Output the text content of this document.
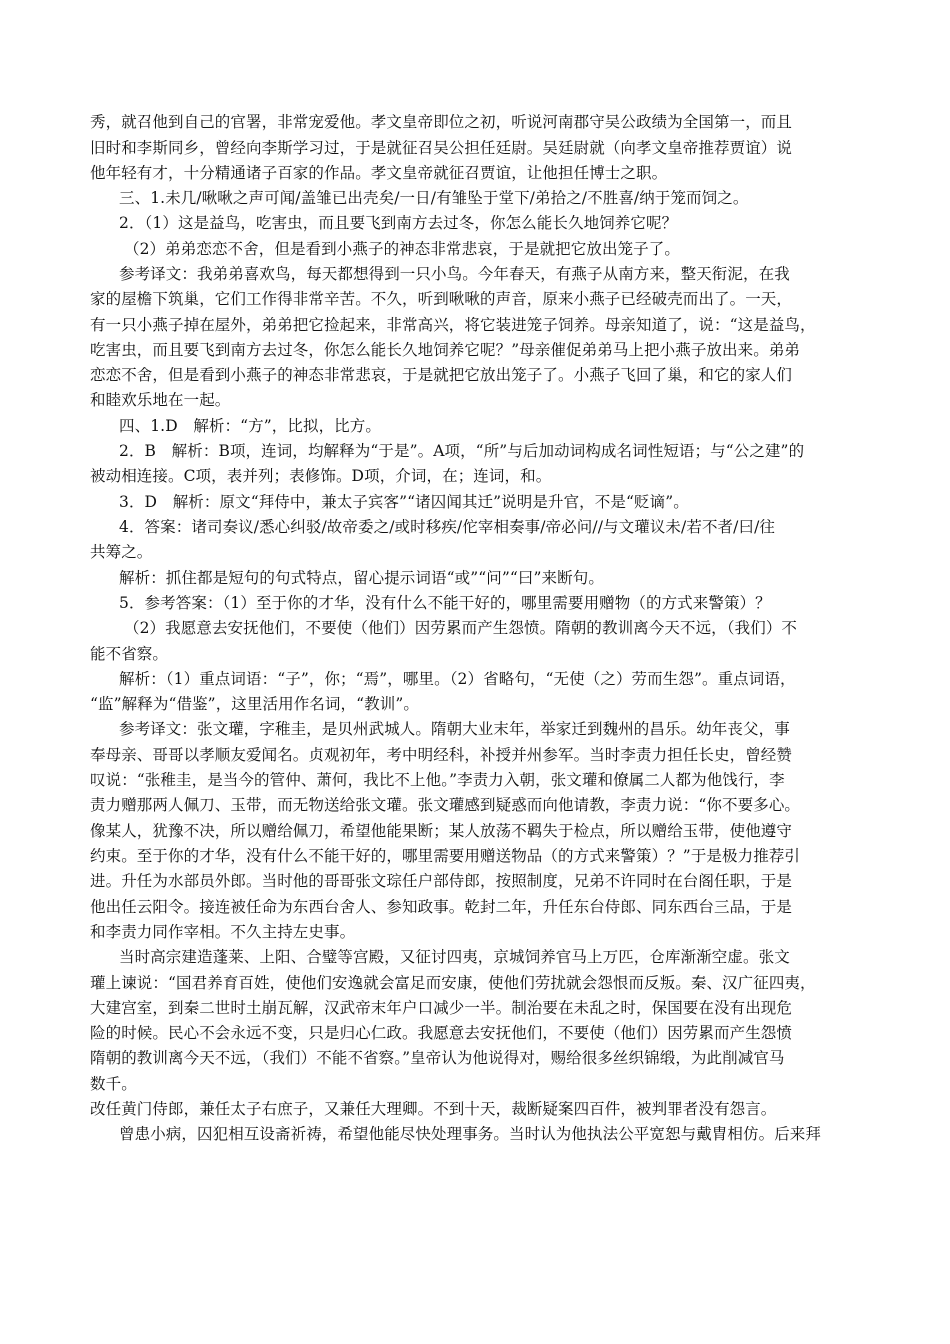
秀，就召他到自己的官署，非常宠爱他。孝文皇帝即位之初，听说河南郡守吴公政绩为全国第一，而且
旧时和李斯同乡，曾经向李斯学习过，于是就征召吴公担任廷尉。吴廷尉就（向孝文皇帝推荐贾谊）说
他年轻有才，十分精通诸子百家的作品。孝文皇帝就征召贾谊，让他担任博士之职。
三、1.未几/啾啾之声可闻/盖雏已出壳矣/一日/有雏坠于堂下/弟拾之/不胜喜/纳于笼而饲之。
2．（1）这是益鸟，吃害虫，而且要飞到南方去过冬，你怎么能长久地饲养它呢？
（2）弟弟恋恋不舍，但是看到小燕子的神态非常悲哀，于是就把它放出笼子了。
参考译文：我弟弟喜欢鸟，每天都想得到一只小鸟。今年春天，有燕子从南方来，整天衔泥，在我
家的屋檐下筑巢，它们工作得非常辛苦。不久，听到啾啾的声音，原来小燕子已经破壳而出了。一天，
有一只小燕子掉在屋外，弟弟把它捡起来，非常高兴，将它装进笼子饲养。母亲知道了，说：“这是益鸟，
吃害虫，而且要飞到南方去过冬，你怎么能长久地饲养它呢？”母亲催促弟弟马上把小燕子放出来。弟弟
恋恋不舍，但是看到小燕子的神态非常悲哀，于是就把它放出笼子了。小燕子飞回了巢，和它的家人们
和睦欢乐地在一起。
四、1.D　解析：“方”，比拟，比方。
2．B　解析：B项，连词，均解释为“于是”。A项，“所”与后加动词构成名词性短语；与“公之建”的
被动相连接。C项，表并列；表修饰。D项，介词，在；连词，和。
3．D　解析：原文“拜侍中，兼太子宾客”“诸囚闻其迁”说明是升官，不是“贬谪”。
4．答案：诸司奏议/悉心纠驳/故帝委之/或时移疾/佗宰相奏事/帝必问//与文瓘议未/若不者/曰/往
共筹之。
解析：抓住都是短句的句式特点，留心提示词语“或”“问”“曰”来断句。
5．参考答案：（1）至于你的才华，没有什么不能干好的，哪里需要用赠物（的方式来警策）？
（2）我愿意去安抚他们，不要使（他们）因劳累而产生怨愤。隋朝的教训离今天不远，（我们）不
能不省察。
解析：（1）重点词语：“子”，你；“焉”，哪里。（2）省略句，“无使（之）劳而生怨”。重点词语，
“监”解释为“借鉴”，这里活用作名词，“教训”。
参考译文：张文瓘，字稚圭，是贝州武城人。隋朝大业末年，举家迁到魏州的昌乐。幼年丧父，事
奉母亲、哥哥以孝顺友爱闻名。贞观初年，考中明经科，补授并州参军。当时李责力担任长史，曾经赞
叹说：“张稚圭，是当今的管仲、萧何，我比不上他。”李责力入朝，张文瓘和僚属二人都为他饯行，李
责力赠那两人佩刀、玉带，而无物送给张文瓘。张文瓘感到疑惑而向他请教，李责力说：“你不要多心。
像某人，犹豫不决，所以赠给佩刀，希望他能果断；某人放荡不羁失于检点，所以赠给玉带，使他遵守
约束。至于你的才华，没有什么不能干好的，哪里需要用赠送物品（的方式来警策）？”于是极力推荐引
进。升任为水部员外郎。当时他的哥哥张文琮任户部侍郎，按照制度，兄弟不许同时在台阁任职，于是
他出任云阳令。接连被任命为东西台舍人、参知政事。乾封二年，升任东台侍郎、同东西台三品，于是
和李责力同作宰相。不久主持左史事。
当时高宗建造蓬莱、上阳、合璧等宫殿，又征讨四夷，京城饲养官马上万匹，仓库渐渐空虚。张文
瓘上谏说：“国君养育百姓，使他们安逸就会富足而安康，使他们劳扰就会怨恨而反叛。秦、汉广征四夷，
大建宫室，到秦二世时土崩瓦解，汉武帝末年户口减少一半。制治要在未乱之时，保国要在没有出现危
险的时候。民心不会永远不变，只是归心仁政。我愿意去安抚他们，不要使（他们）因劳累而产生怨愤
隋朝的教训离今天不远，（我们）不能不省察。”皇帝认为他说得对，赐给很多丝织锦缎，为此削减官马
数千。
改任黄门侍郎，兼任太子右庶子，又兼任大理卿。不到十天，裁断疑案四百件，被判罪者没有怨言。
曾患小病，囚犯相互设斋祈祷，希望他能尽快处理事务。当时认为他执法公平宽恕与戴胄相仿。后来拜
